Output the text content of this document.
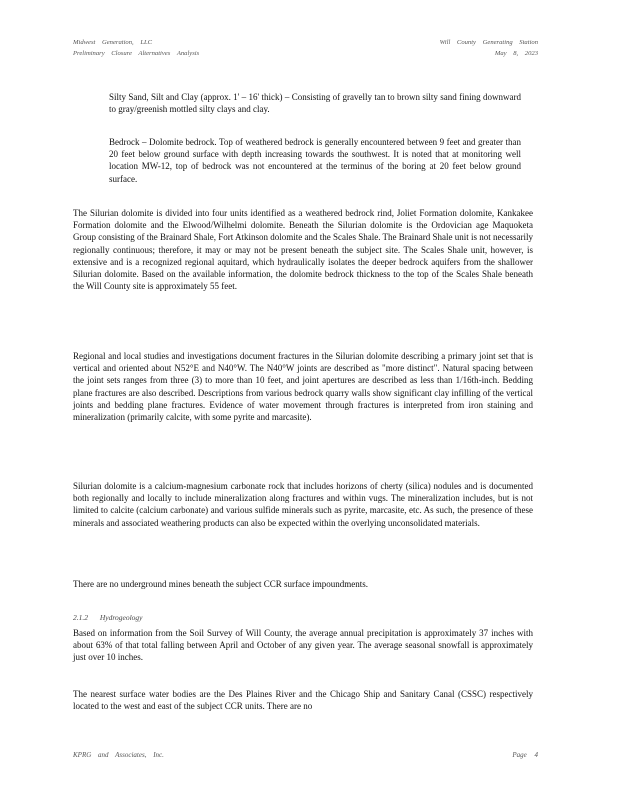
Midwest Generation, LLC
Preliminary Closure Alternatives Analysis
Will County Generating Station
May 8, 2023
Silty Sand, Silt and Clay (approx. 1' – 16' thick) – Consisting of gravelly tan to brown silty sand fining downward to gray/greenish mottled silty clays and clay.
Bedrock – Dolomite bedrock. Top of weathered bedrock is generally encountered between 9 feet and greater than 20 feet below ground surface with depth increasing towards the southwest. It is noted that at monitoring well location MW-12, top of bedrock was not encountered at the terminus of the boring at 20 feet below ground surface.
The Silurian dolomite is divided into four units identified as a weathered bedrock rind, Joliet Formation dolomite, Kankakee Formation dolomite and the Elwood/Wilhelmi dolomite. Beneath the Silurian dolomite is the Ordovician age Maquoketa Group consisting of the Brainard Shale, Fort Atkinson dolomite and the Scales Shale. The Brainard Shale unit is not necessarily regionally continuous; therefore, it may or may not be present beneath the subject site. The Scales Shale unit, however, is extensive and is a recognized regional aquitard, which hydraulically isolates the deeper bedrock aquifers from the shallower Silurian dolomite. Based on the available information, the dolomite bedrock thickness to the top of the Scales Shale beneath the Will County site is approximately 55 feet.
Regional and local studies and investigations document fractures in the Silurian dolomite describing a primary joint set that is vertical and oriented about N52°E and N40°W. The N40°W joints are described as "more distinct". Natural spacing between the joint sets ranges from three (3) to more than 10 feet, and joint apertures are described as less than 1/16th-inch. Bedding plane fractures are also described. Descriptions from various bedrock quarry walls show significant clay infilling of the vertical joints and bedding plane fractures. Evidence of water movement through fractures is interpreted from iron staining and mineralization (primarily calcite, with some pyrite and marcasite).
Silurian dolomite is a calcium-magnesium carbonate rock that includes horizons of cherty (silica) nodules and is documented both regionally and locally to include mineralization along fractures and within vugs. The mineralization includes, but is not limited to calcite (calcium carbonate) and various sulfide minerals such as pyrite, marcasite, etc. As such, the presence of these minerals and associated weathering products can also be expected within the overlying unconsolidated materials.
There are no underground mines beneath the subject CCR surface impoundments.
2.1.2 Hydrogeology
Based on information from the Soil Survey of Will County, the average annual precipitation is approximately 37 inches with about 63% of that total falling between April and October of any given year. The average seasonal snowfall is approximately just over 10 inches.
The nearest surface water bodies are the Des Plaines River and the Chicago Ship and Sanitary Canal (CSSC) respectively located to the west and east of the subject CCR units. There are no
KPRG and Associates, Inc.	Page 4
